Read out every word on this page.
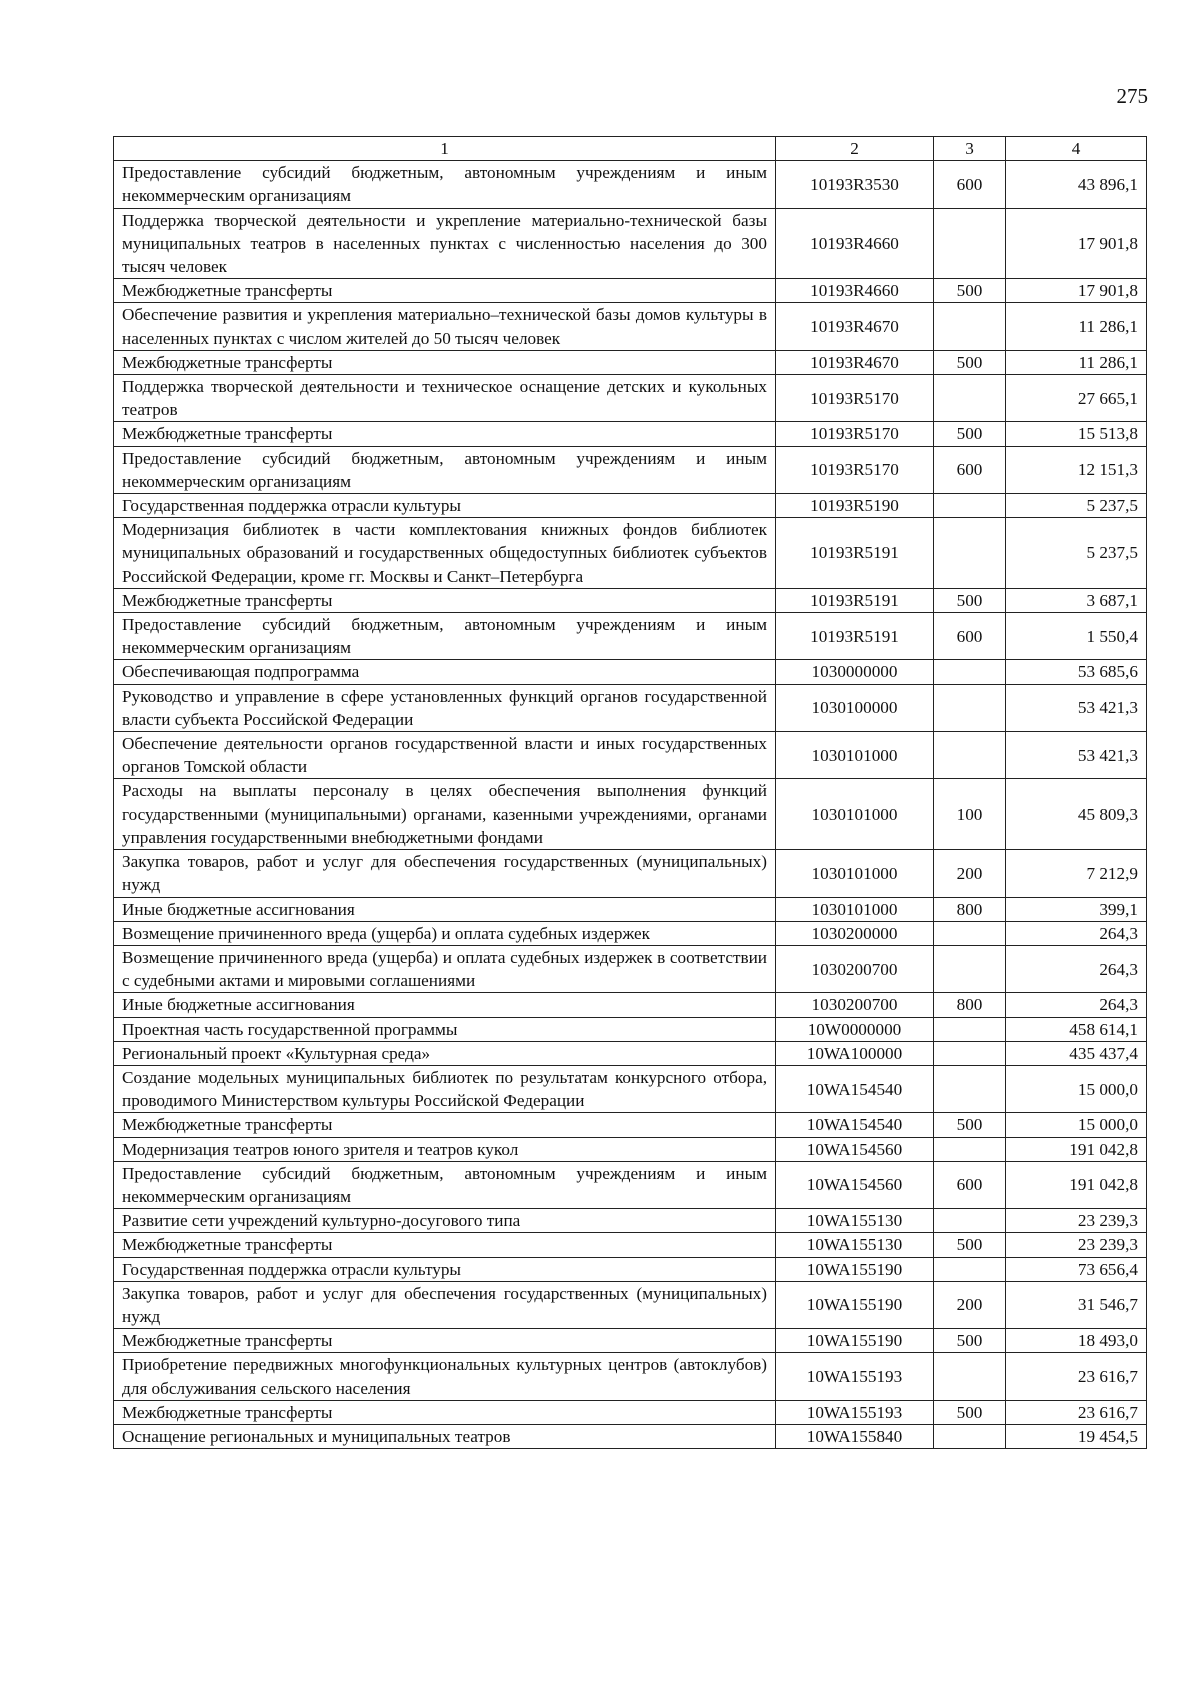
275
1	2	3	4
Предоставление субсидий бюджетным, автономным учреждениям и иным некоммерческим организациям	10193R3530	600	43 896,1
Поддержка творческой деятельности и укрепление материально-технической базы муниципальных театров в населенных пунктах с численностью населения до 300 тысяч человек	10193R4660		17 901,8
Межбюджетные трансферты	10193R4660	500	17 901,8
Обеспечение развития и укрепления материально–технической базы домов культуры в населенных пунктах с числом жителей до 50 тысяч человек	10193R4670		11 286,1
Межбюджетные трансферты	10193R4670	500	11 286,1
Поддержка творческой деятельности и техническое оснащение детских и кукольных театров	10193R5170		27 665,1
Межбюджетные трансферты	10193R5170	500	15 513,8
Предоставление субсидий бюджетным, автономным учреждениям и иным некоммерческим организациям	10193R5170	600	12 151,3
Государственная поддержка отрасли культуры	10193R5190		5 237,5
Модернизация библиотек в части комплектования книжных фондов библиотек муниципальных образований и государственных общедоступных библиотек субъектов Российской Федерации, кроме гг. Москвы и Санкт–Петербурга	10193R5191		5 237,5
Межбюджетные трансферты	10193R5191	500	3 687,1
Предоставление субсидий бюджетным, автономным учреждениям и иным некоммерческим организациям	10193R5191	600	1 550,4
Обеспечивающая подпрограмма	1030000000		53 685,6
Руководство и управление в сфере установленных функций органов государственной власти субъекта Российской Федерации	1030100000		53 421,3
Обеспечение деятельности органов государственной власти и иных государственных органов Томской области	1030101000		53 421,3
Расходы на выплаты персоналу в целях обеспечения выполнения функций государственными (муниципальными) органами, казенными учреждениями, органами управления государственными внебюджетными фондами	1030101000	100	45 809,3
Закупка товаров, работ и услуг для обеспечения государственных (муниципальных) нужд	1030101000	200	7 212,9
Иные бюджетные ассигнования	1030101000	800	399,1
Возмещение причиненного вреда (ущерба) и оплата судебных издержек	1030200000		264,3
Возмещение причиненного вреда (ущерба) и оплата судебных издержек в соответствии с судебными актами и мировыми соглашениями	1030200700		264,3
Иные бюджетные ассигнования	1030200700	800	264,3
Проектная часть государственной программы	10W0000000		458 614,1
Региональный проект «Культурная среда»	10WA100000		435 437,4
Создание модельных муниципальных библиотек по результатам конкурсного отбора, проводимого Министерством культуры Российской Федерации	10WA154540		15 000,0
Межбюджетные трансферты	10WA154540	500	15 000,0
Модернизация театров юного зрителя и театров кукол	10WA154560		191 042,8
Предоставление субсидий бюджетным, автономным учреждениям и иным некоммерческим организациям	10WA154560	600	191 042,8
Развитие сети учреждений культурно-досугового типа	10WA155130		23 239,3
Межбюджетные трансферты	10WA155130	500	23 239,3
Государственная поддержка отрасли культуры	10WA155190		73 656,4
Закупка товаров, работ и услуг для обеспечения государственных (муниципальных) нужд	10WA155190	200	31 546,7
Межбюджетные трансферты	10WA155190	500	18 493,0
Приобретение передвижных многофункциональных культурных центров (автоклубов) для обслуживания сельского населения	10WA155193		23 616,7
Межбюджетные трансферты	10WA155193	500	23 616,7
Оснащение региональных и муниципальных театров	10WA155840		19 454,5
